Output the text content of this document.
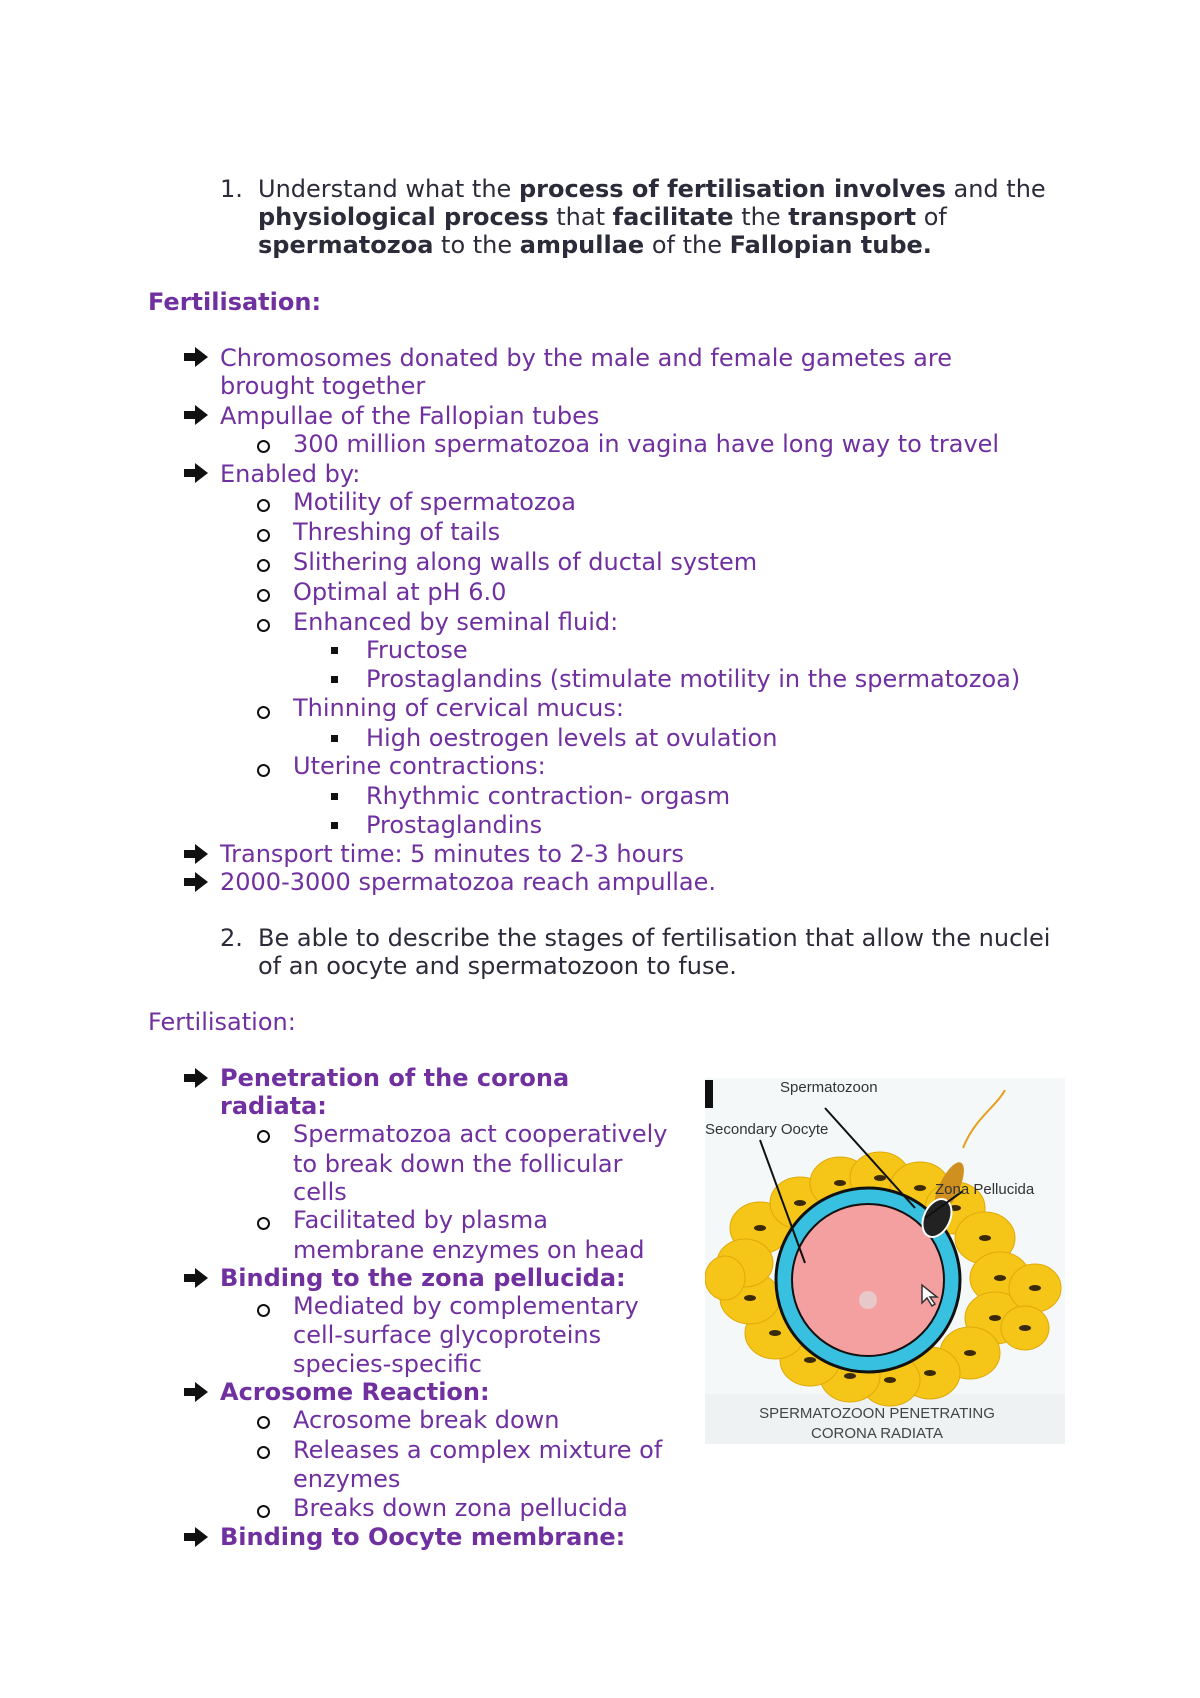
1. Understand what the process of fertilisation involves and the
physiological process that facilitate the transport of
spermatozoa to the ampullae of the Fallopian tube.
Fertilisation:
Chromosomes donated by the male and female gametes are
brought together
Ampullae of the Fallopian tubes
300 million spermatozoa in vagina have long way to travel
Enabled by:
Motility of spermatozoa
Threshing of tails
Slithering along walls of ductal system
Optimal at pH 6.0
Enhanced by seminal fluid:
Fructose
Prostaglandins (stimulate motility in the spermatozoa)
Thinning of cervical mucus:
High oestrogen levels at ovulation
Uterine contractions:
Rhythmic contraction- orgasm
Prostaglandins
Transport time: 5 minutes to 2-3 hours
2000-3000 spermatozoa reach ampullae.
2. Be able to describe the stages of fertilisation that allow the nuclei
of an oocyte and spermatozoon to fuse.
Fertilisation:
Penetration of the corona
radiata:
Spermatozoa act cooperatively
to break down the follicular
cells
Facilitated by plasma
membrane enzymes on head
Binding to the zona pellucida:
Mediated by complementary
cell-surface glycoproteins
species-specific
Acrosome Reaction:
Acrosome break down
Releases a complex mixture of
enzymes
Breaks down zona pellucida
Binding to Oocyte membrane:
Spermatozoon
Secondary Oocyte
Zona Pellucida
SPERMATOZOON PENETRATING
CORONA RADIATA
